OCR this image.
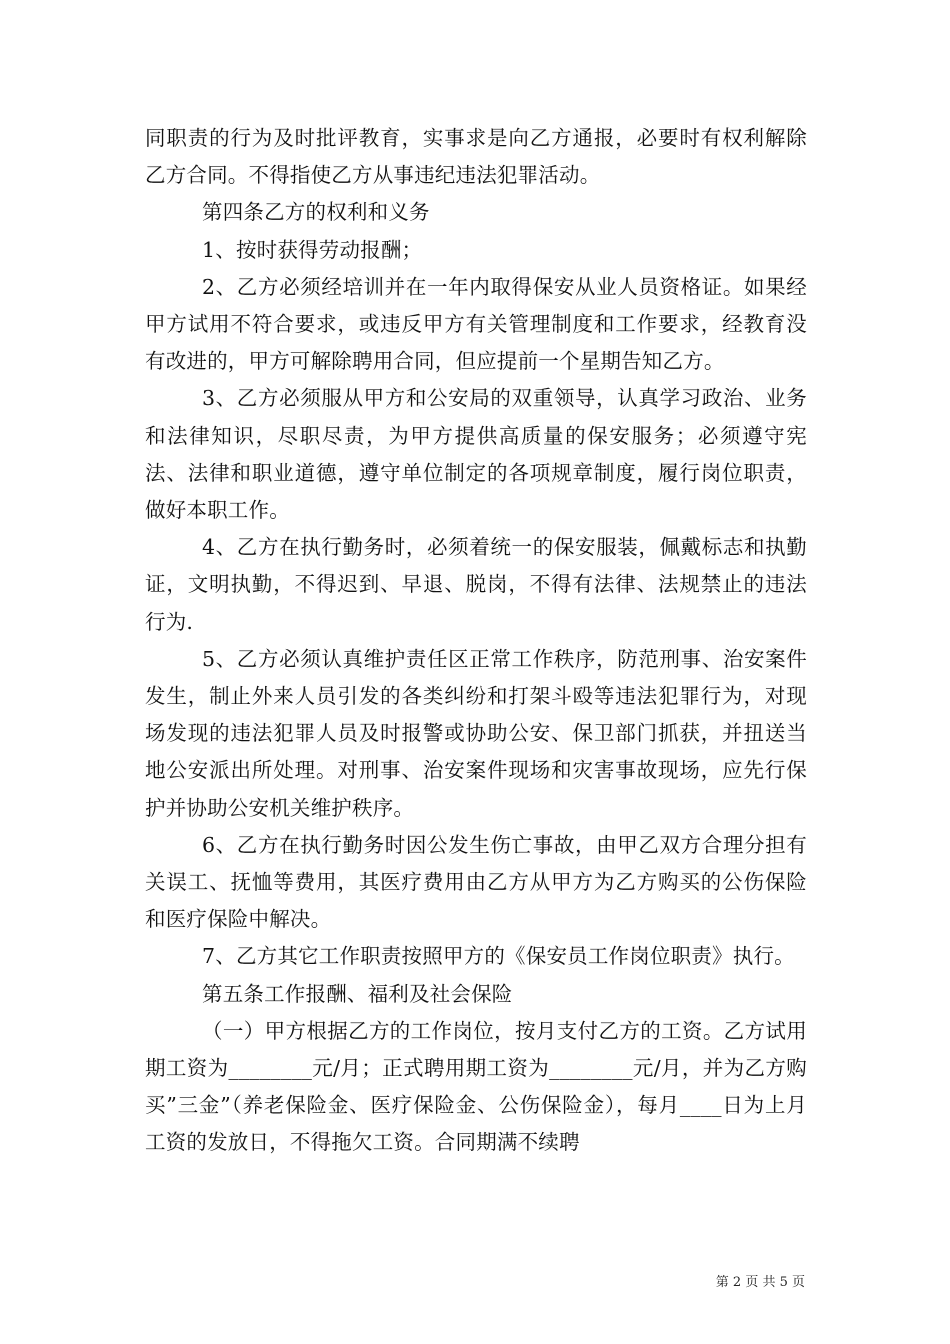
同职责的行为及时批评教育，实事求是向乙方通报，必要时有权利解除乙方合同。不得指使乙方从事违纪违法犯罪活动。

第四条乙方的权利和义务

1、按时获得劳动报酬；

2、乙方必须经培训并在一年内取得保安从业人员资格证。如果经甲方试用不符合要求，或违反甲方有关管理制度和工作要求，经教育没有改进的，甲方可解除聘用合同，但应提前一个星期告知乙方。

3、乙方必须服从甲方和公安局的双重领导，认真学习政治、业务和法律知识，尽职尽责，为甲方提供高质量的保安服务；必须遵守宪法、法律和职业道德，遵守单位制定的各项规章制度，履行岗位职责，做好本职工作。

4、乙方在执行勤务时，必须着统一的保安服装，佩戴标志和执勤证，文明执勤，不得迟到、早退、脱岗，不得有法律、法规禁止的违法行为.

5、乙方必须认真维护责任区正常工作秩序，防范刑事、治安案件发生，制止外来人员引发的各类纠纷和打架斗殴等违法犯罪行为，对现场发现的违法犯罪人员及时报警或协助公安、保卫部门抓获，并扭送当地公安派出所处理。对刑事、治安案件现场和灾害事故现场，应先行保护并协助公安机关维护秩序。

6、乙方在执行勤务时因公发生伤亡事故，由甲乙双方合理分担有关误工、抚恤等费用，其医疗费用由乙方从甲方为乙方购买的公伤保险和医疗保险中解决。

7、乙方其它工作职责按照甲方的《保安员工作岗位职责》执行。

第五条工作报酬、福利及社会保险

（一）甲方根据乙方的工作岗位，按月支付乙方的工资。乙方试用期工资为________元/月；正式聘用期工资为________元/月，并为乙方购买”三金”（养老保险金、医疗保险金、公伤保险金），每月____日为上月工资的发放日，不得拖欠工资。合同期满不续聘

第 2 页 共 5 页
